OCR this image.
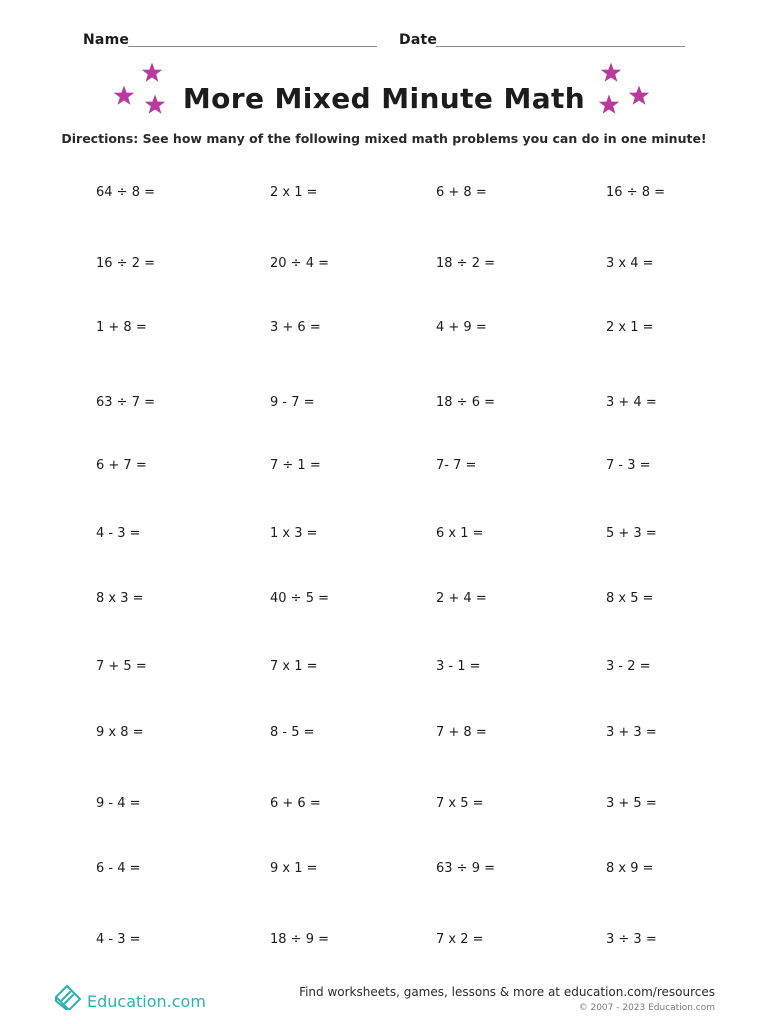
Name	Date
More Mixed Minute Math
Directions: See how many of the following mixed math problems you can do in one minute!
64 ÷ 8 =	2 x 1 =	6 + 8 =	16 ÷ 8 =
16 ÷ 2 =	20 ÷ 4 =	18 ÷ 2 =	3 x 4 =
1 + 8 =	3 + 6 =	4 + 9 =	2 x 1 =
63 ÷ 7 =	9 - 7 =	18 ÷ 6 =	3 + 4 =
6 + 7 =	7 ÷ 1 =	7- 7 =	7 - 3 =
4 - 3 =	1 x 3 =	6 x 1 =	5 + 3 =
8 x 3 =	40 ÷ 5 =	2 + 4 =	8 x 5 =
7 + 5 =	7 x 1 =	3 - 1 =	3 - 2 =
9 x 8 =	8 - 5 =	7 + 8 =	3 + 3 =
9 - 4 =	6 + 6 =	7 x 5 =	3 + 5 =
6 - 4 =	9 x 1 =	63 ÷ 9 =	8 x 9 =
4 - 3 =	18 ÷ 9 =	7 x 2 =	3 ÷ 3 =
Education.com	Find worksheets, games, lessons & more at education.com/resources
© 2007 - 2023 Education.com
